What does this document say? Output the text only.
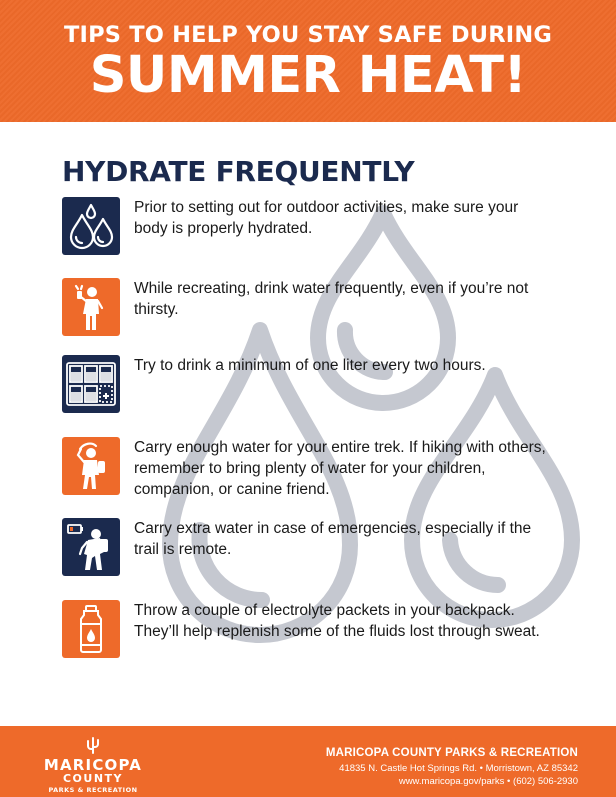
TIPS TO HELP YOU STAY SAFE DURING
SUMMER HEAT!
HYDRATE FREQUENTLY
Prior to setting out for outdoor activities, make sure your body is properly hydrated.
While recreating, drink water frequently, even if you’re not thirsty.
Try to drink a minimum of one liter every two hours.
Carry enough water for your entire trek. If hiking with others, remember to bring plenty of water for your children, companion, or canine friend.
Carry extra water in case of emergencies, especially if the trail is remote.
Throw a couple of electrolyte packets in your backpack. They’ll help replenish some of the fluids lost through sweat.
MARICOPA
COUNTY
PARKS & RECREATION
MARICOPA COUNTY PARKS & RECREATION
41835 N. Castle Hot Springs Rd. • Morristown, AZ 85342
www.maricopa.gov/parks • (602) 506-2930
